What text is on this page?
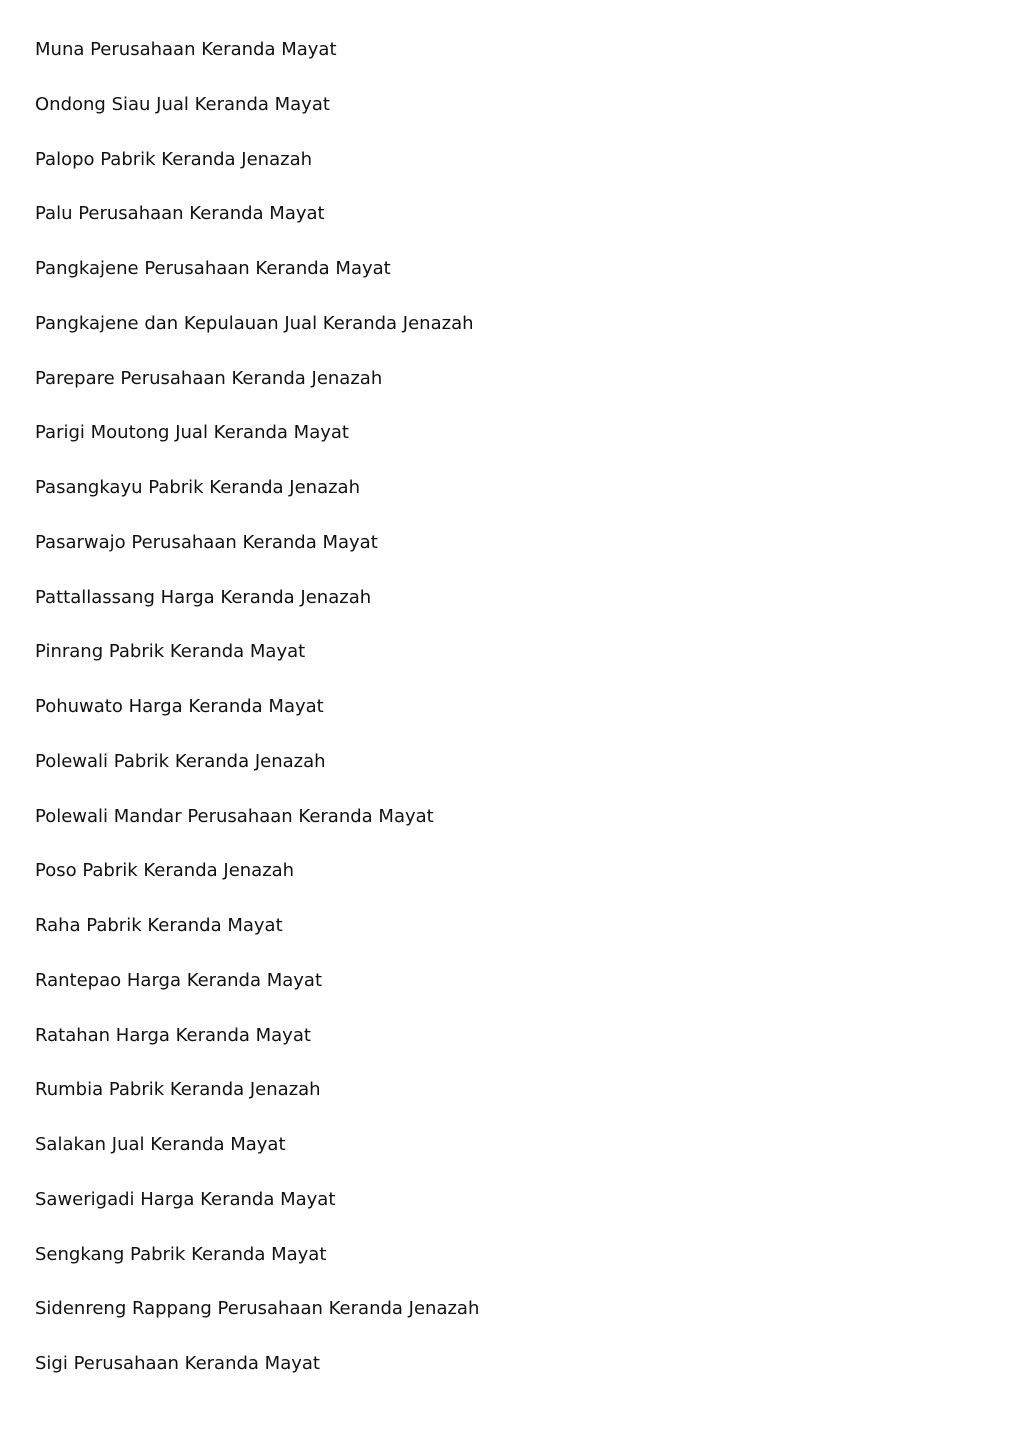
Muna Perusahaan Keranda Mayat
Ondong Siau Jual Keranda Mayat
Palopo Pabrik Keranda Jenazah
Palu Perusahaan Keranda Mayat
Pangkajene Perusahaan Keranda Mayat
Pangkajene dan Kepulauan Jual Keranda Jenazah
Parepare Perusahaan Keranda Jenazah
Parigi Moutong Jual Keranda Mayat
Pasangkayu Pabrik Keranda Jenazah
Pasarwajo Perusahaan Keranda Mayat
Pattallassang Harga Keranda Jenazah
Pinrang Pabrik Keranda Mayat
Pohuwato Harga Keranda Mayat
Polewali Pabrik Keranda Jenazah
Polewali Mandar Perusahaan Keranda Mayat
Poso Pabrik Keranda Jenazah
Raha Pabrik Keranda Mayat
Rantepao Harga Keranda Mayat
Ratahan Harga Keranda Mayat
Rumbia Pabrik Keranda Jenazah
Salakan Jual Keranda Mayat
Sawerigadi Harga Keranda Mayat
Sengkang Pabrik Keranda Mayat
Sidenreng Rappang Perusahaan Keranda Jenazah
Sigi Perusahaan Keranda Mayat
